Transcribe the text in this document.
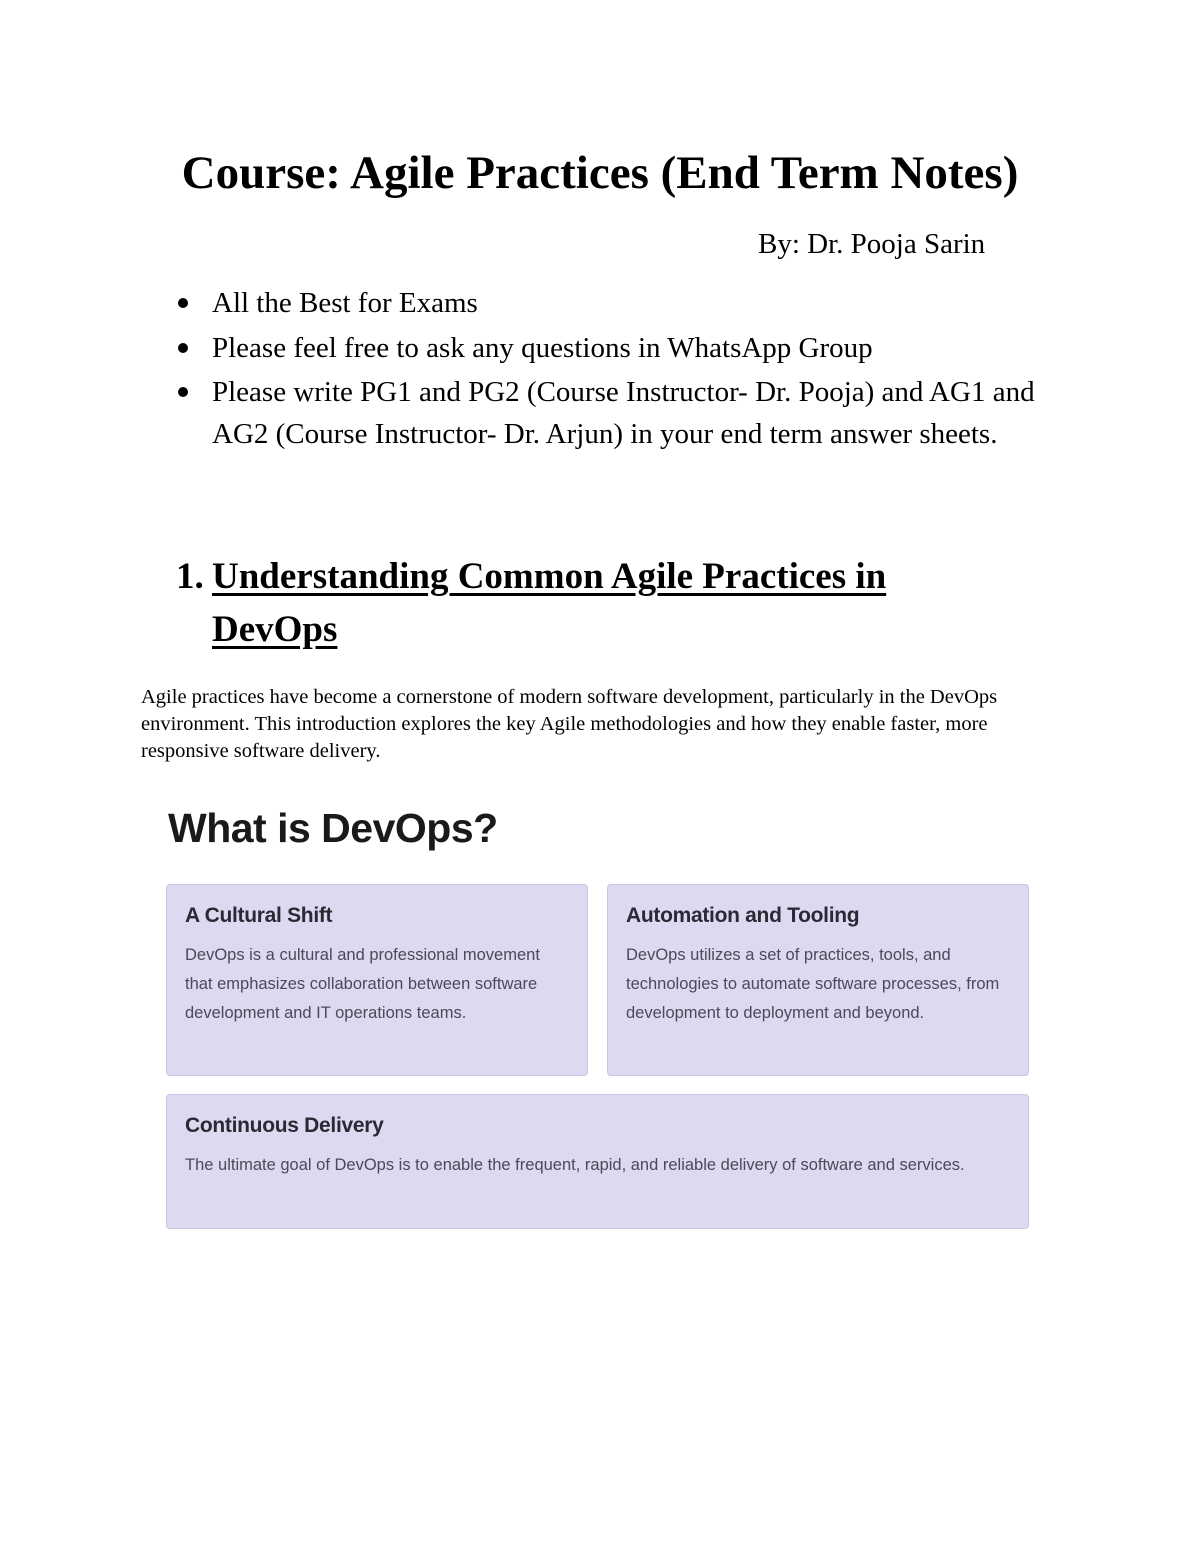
Course: Agile Practices (End Term Notes)

By: Dr. Pooja Sarin

All the Best for Exams
Please feel free to ask any questions in WhatsApp Group
Please write PG1 and PG2 (Course Instructor- Dr. Pooja) and AG1 and AG2 (Course Instructor- Dr. Arjun) in your end term answer sheets.
1. Understanding Common Agile Practices in DevOps

Agile practices have become a cornerstone of modern software development, particularly in the DevOps environment. This introduction explores the key Agile methodologies and how they enable faster, more responsive software delivery.

What is DevOps?

A Cultural Shift

DevOps is a cultural and professional movement that emphasizes collaboration between software development and IT operations teams.

Automation and Tooling

DevOps utilizes a set of practices, tools, and technologies to automate software processes, from development to deployment and beyond.

Continuous Delivery

The ultimate goal of DevOps is to enable the frequent, rapid, and reliable delivery of software and services.
